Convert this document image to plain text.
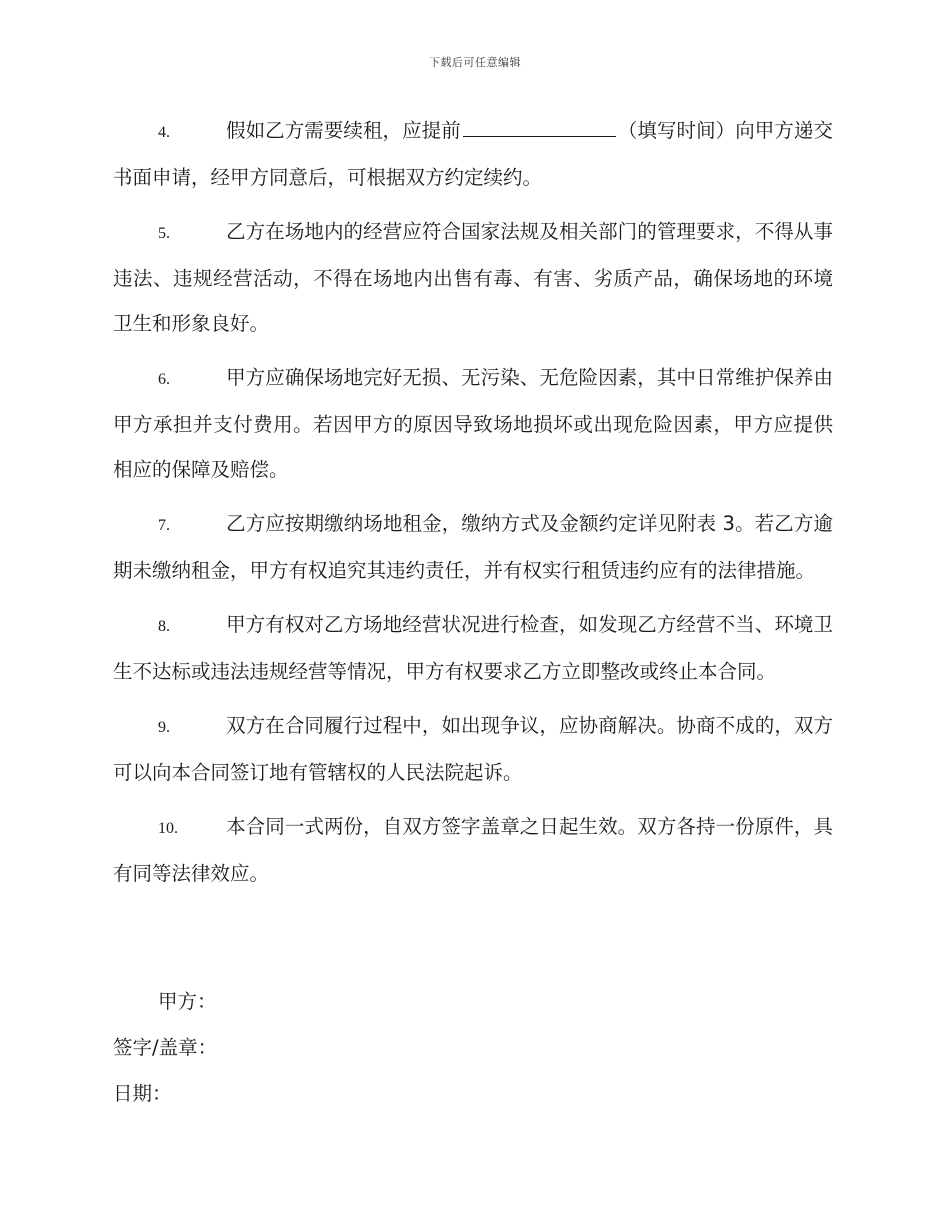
下载后可任意编辑

4.	假如乙方需要续租，应提前	（填写时间）向甲方递交书面申请，经甲方同意后，可根据双方约定续约。

5.	乙方在场地内的经营应符合国家法规及相关部门的管理要求，不得从事违法、违规经营活动，不得在场地内出售有毒、有害、劣质产品，确保场地的环境卫生和形象良好。

6.	甲方应确保场地完好无损、无污染、无危险因素，其中日常维护保养由甲方承担并支付费用。若因甲方的原因导致场地损坏或出现危险因素，甲方应提供相应的保障及赔偿。

7.	乙方应按期缴纳场地租金，缴纳方式及金额约定详见附表 3。若乙方逾期未缴纳租金，甲方有权追究其违约责任，并有权实行租赁违约应有的法律措施。

8.	甲方有权对乙方场地经营状况进行检查，如发现乙方经营不当、环境卫生不达标或违法违规经营等情况，甲方有权要求乙方立即整改或终止本合同。

9.	双方在合同履行过程中，如出现争议，应协商解决。协商不成的，双方可以向本合同签订地有管辖权的人民法院起诉。

10. 本合同一式两份，自双方签字盖章之日起生效。双方各持一份原件，具有同等法律效应。

甲方：
签字/盖章：
日期：
